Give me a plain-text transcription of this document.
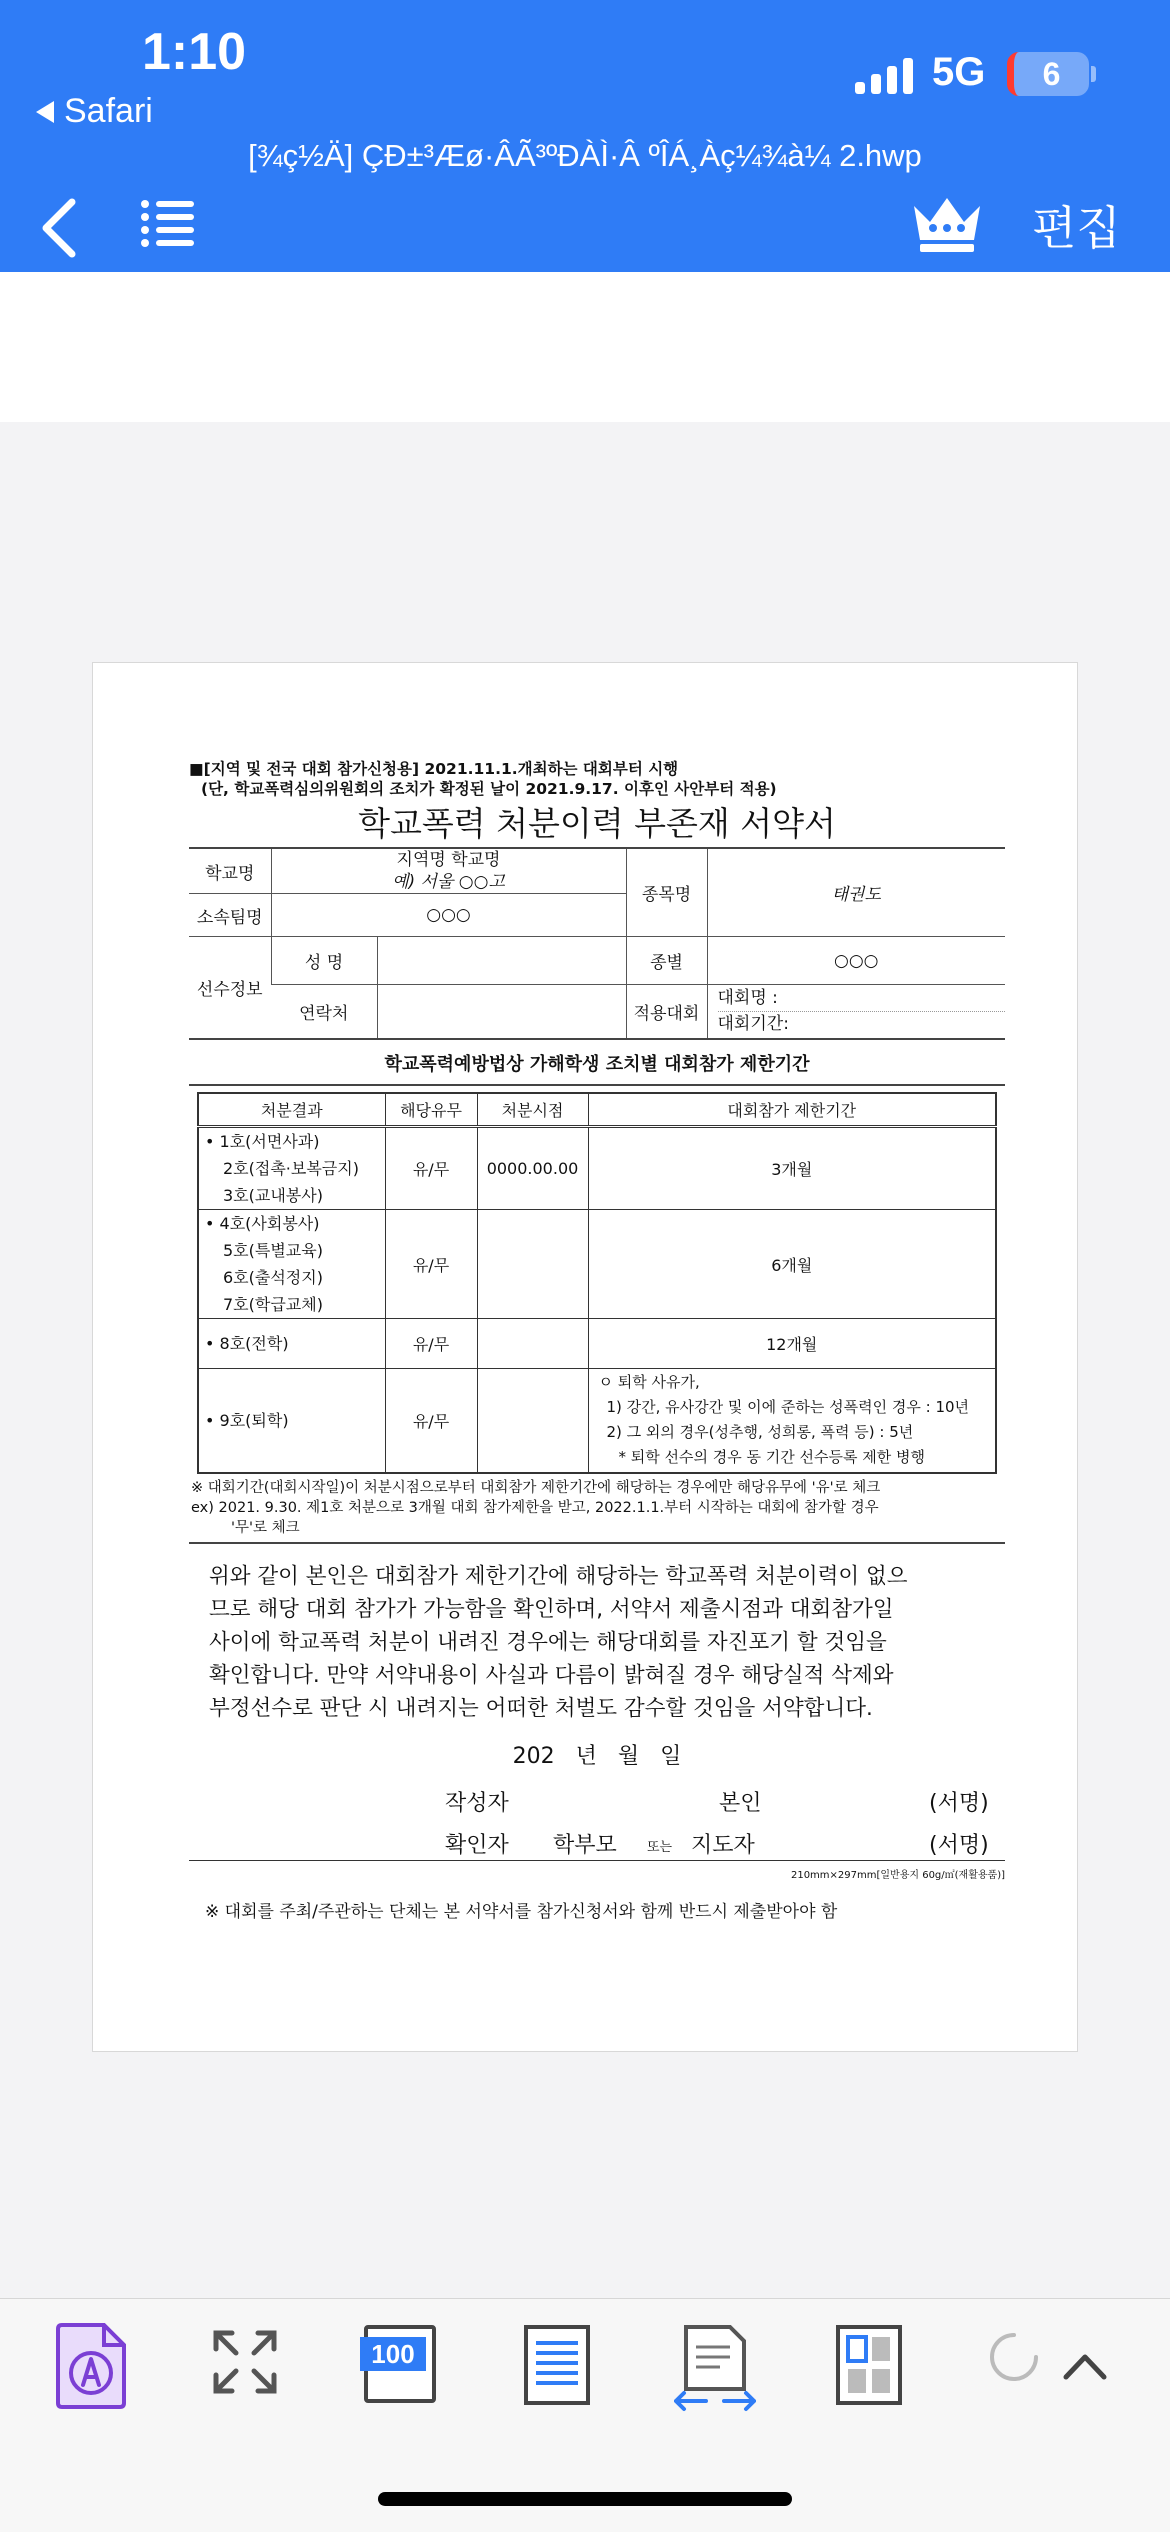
1:10
Safari
5G 6
[¾ç½Ä] ÇÐ±³Æø·ÂÃ³ºÐÀÌ·Â ºÎÁ¸Àç¼¾à¼ 2.hwp
편집
■[지역 및 전국 대회 참가신청용] 2021.11.1.개최하는 대회부터 시행
(단, 학교폭력심의위원회의 조치가 확정된 날이 2021.9.17. 이후인 사안부터 적용)
학교폭력 처분이력 부존재 서약서
학교명	지역명 학교명
예) 서울 ○○고		종목명	태권도
소속팀명	○○○			
선수정보	성 명		종별	○○○
	연락처		적용대회	대회명 :
대회기간:
학교폭력예방법상 가해학생 조치별 대회참가 제한기간
처분결과	해당유무	처분시점	대회참가 제한기간

• 1호(서면사과)
2호(접촉·보복금지)
3호(교내봉사)	유/무	0000.00.00	3개월

• 4호(사회봉사)
5호(특별교육)
6호(출석정지)
7호(학급교체)	유/무		6개월
• 8호(전학)	유/무		12개월
• 9호(퇴학)	유/무		ㅇ 퇴학 사유가,
1) 강간, 유사강간 및 이에 준하는 성폭력인 경우 : 10년
2) 그 외의 경우(성추행, 성희롱, 폭력 등) : 5년
* 퇴학 선수의 경우 동 기간 선수등록 제한 병행
※ 대회기간(대회시작일)이 처분시점으로부터 대회참가 제한기간에 해당하는 경우에만 해당유무에 '유'로 체크
ex) 2021. 9.30. 제1호 처분으로 3개월 대회 참가제한을 받고, 2022.1.1.부터 시작하는 대회에 참가할 경우
'무'로 체크
위와 같이 본인은 대회참가 제한기간에 해당하는 학교폭력 처분이력이 없으
므로 해당 대회 참가가 가능함을 확인하며, 서약서 제출시점과 대회참가일
사이에 학교폭력 처분이 내려진 경우에는 해당대회를 자진포기 할 것임을
확인합니다. 만약 서약내용이 사실과 다름이 밝혀질 경우 해당실적 삭제와
부정선수로 판단 시 내려지는 어떠한 처벌도 감수할 것임을 서약합니다.
202 년 월 일
작성자	본인	(서명)
확인자 학부모 또는 지도자	(서명)
210mm×297mm[일반용지 60g/㎡(재활용품)]
※ 대회를 주최/주관하는 단체는 본 서약서를 참가신청서와 함께 반드시 제출받아야 함
100
